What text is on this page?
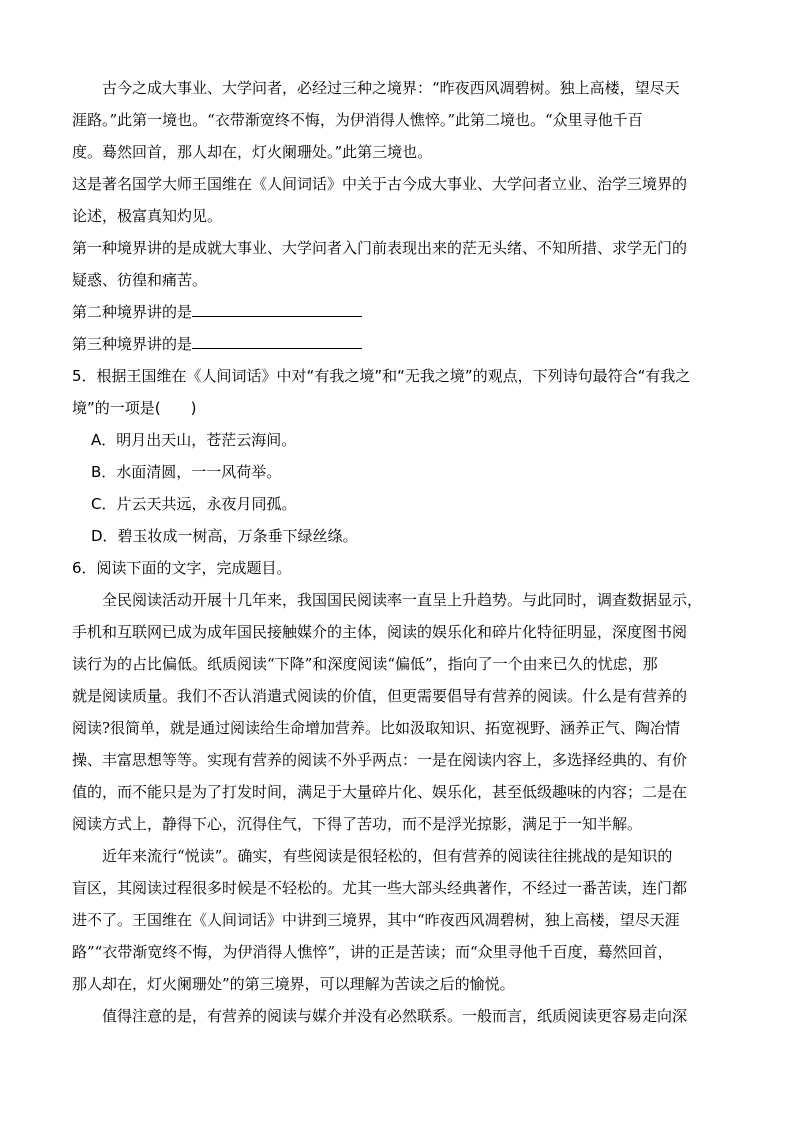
古今之成大事业、大学问者，必经过三种之境界：“昨夜西风凋碧树。独上高楼，望尽天

涯路。”此第一境也。“衣带渐宽终不悔，为伊消得人憔悴。”此第二境也。“众里寻他千百

度。蓦然回首，那人却在，灯火阑珊处。”此第三境也。

这是著名国学大师王国维在《人间词话》中关于古今成大事业、大学问者立业、治学三境界的

论述，极富真知灼见。

第一种境界讲的是成就大事业、大学问者入门前表现出来的茫无头绪、不知所措、求学无门的

疑惑、彷徨和痛苦。

第二种境界讲的是

第三种境界讲的是

5．根据王国维在《人间词话》中对“有我之境”和“无我之境”的观点，下列诗句最符合“有我之

境”的一项是(　　)

A．明月出天山，苍茫云海间。

B．水面清圆，一一风荷举。

C．片云天共远，永夜月同孤。

D．碧玉妆成一树高，万条垂下绿丝绦。

6．阅读下面的文字，完成题目。

全民阅读活动开展十几年来，我国国民阅读率一直呈上升趋势。与此同时，调查数据显示，

手机和互联网已成为成年国民接触媒介的主体，阅读的娱乐化和碎片化特征明显，深度图书阅

读行为的占比偏低。纸质阅读“下降”和深度阅读“偏低”，指向了一个由来已久的忧虑，那

就是阅读质量。我们不否认消遣式阅读的价值，但更需要倡导有营养的阅读。什么是有营养的

阅读?很简单，就是通过阅读给生命增加营养。比如汲取知识、拓宽视野、涵养正气、陶冶情

操、丰富思想等等。实现有营养的阅读不外乎两点：一是在阅读内容上，多选择经典的、有价

值的，而不能只是为了打发时间，满足于大量碎片化、娱乐化，甚至低级趣味的内容；二是在

阅读方式上，静得下心，沉得住气，下得了苦功，而不是浮光掠影，满足于一知半解。

近年来流行“悦读”。确实，有些阅读是很轻松的，但有营养的阅读往往挑战的是知识的

盲区，其阅读过程很多时候是不轻松的。尤其一些大部头经典著作，不经过一番苦读，连门都

进不了。王国维在《人间词话》中讲到三境界，其中“昨夜西风凋碧树，独上高楼，望尽天涯

路”“衣带渐宽终不悔，为伊消得人憔悴”，讲的正是苦读；而“众里寻他千百度，蓦然回首，

那人却在，灯火阑珊处”的第三境界，可以理解为苦读之后的愉悦。

值得注意的是，有营养的阅读与媒介并没有必然联系。一般而言，纸质阅读更容易走向深
